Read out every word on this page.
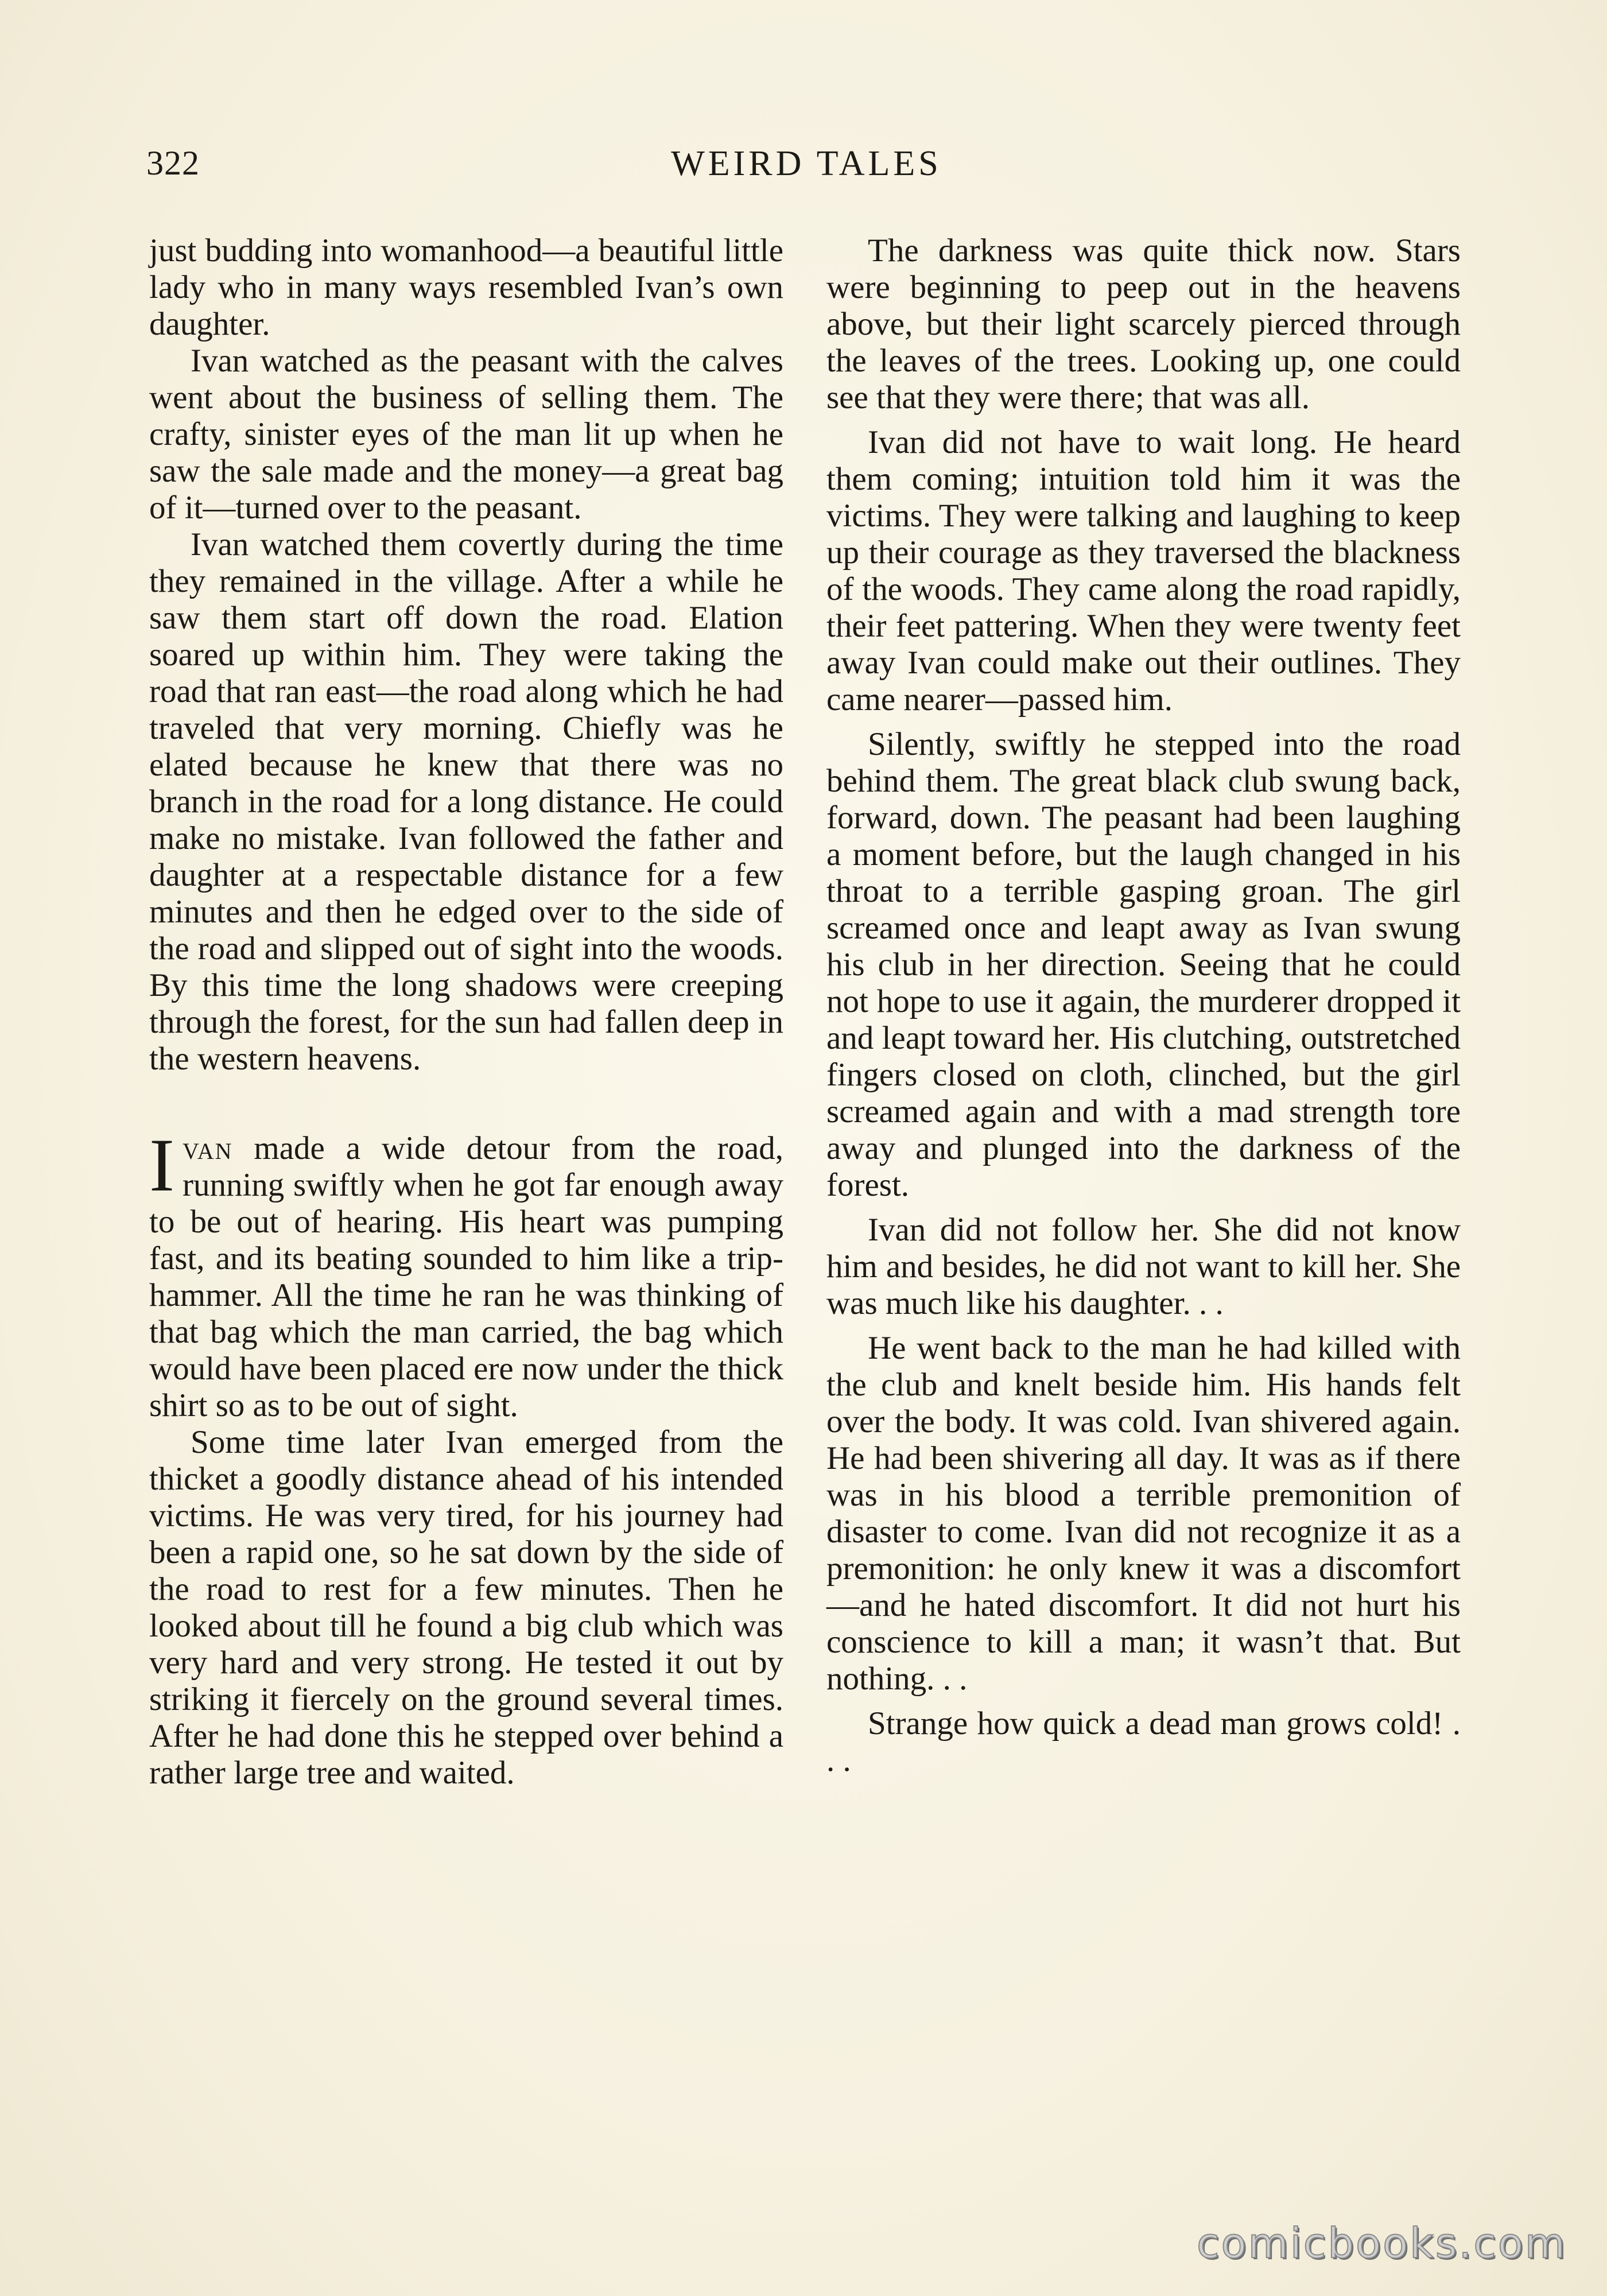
322	WEIRD TALES

just budding into womanhood—a beautiful little lady who in many ways resembled Ivan’s own daughter.

Ivan watched as the peasant with the calves went about the business of selling them. The crafty, sinister eyes of the man lit up when he saw the sale made and the money—a great bag of it—turned over to the peasant.

Ivan watched them covertly during the time they remained in the village. After a while he saw them start off down the road. Elation soared up within him. They were taking the road that ran east—the road along which he had traveled that very morning. Chiefly was he elated because he knew that there was no branch in the road for a long distance. He could make no mistake. Ivan followed the father and daughter at a respectable distance for a few minutes and then he edged over to the side of the road and slipped out of sight into the woods. By this time the long shadows were creeping through the forest, for the sun had fallen deep in the western heavens.

Ivan made a wide detour from the road, running swiftly when he got far enough away to be out of hearing. His heart was pumping fast, and its beating sounded to him like a triphammer. All the time he ran he was thinking of that bag which the man carried, the bag which would have been placed ere now under the thick shirt so as to be out of sight.

Some time later Ivan emerged from the thicket a goodly distance ahead of his intended victims. He was very tired, for his journey had been a rapid one, so he sat down by the side of the road to rest for a few minutes. Then he looked about till he found a big club which was very hard and very strong. He tested it out by striking it fiercely on the ground several times. After he had done this he stepped over behind a rather large tree and waited.

The darkness was quite thick now. Stars were beginning to peep out in the heavens above, but their light scarcely pierced through the leaves of the trees. Looking up, one could see that they were there; that was all.

Ivan did not have to wait long. He heard them coming; intuition told him it was the victims. They were talking and laughing to keep up their courage as they traversed the blackness of the woods. They came along the road rapidly, their feet pattering. When they were twenty feet away Ivan could make out their outlines. They came nearer—passed him.

Silently, swiftly he stepped into the road behind them. The great black club swung back, forward, down. The peasant had been laughing a moment before, but the laugh changed in his throat to a terrible gasping groan. The girl screamed once and leapt away as Ivan swung his club in her direction. Seeing that he could not hope to use it again, the murderer dropped it and leapt toward her. His clutching, outstretched fingers closed on cloth, clinched, but the girl screamed again and with a mad strength tore away and plunged into the darkness of the forest.

Ivan did not follow her. She did not know him and besides, he did not want to kill her. She was much like his daughter. . .

He went back to the man he had killed with the club and knelt beside him. His hands felt over the body. It was cold. Ivan shivered again. He had been shivering all day. It was as if there was in his blood a terrible premonition of disaster to come. Ivan did not recognize it as a premonition: he only knew it was a discomfort—and he hated discomfort. It did not hurt his conscience to kill a man; it wasn’t that. But nothing. . .

Strange how quick a dead man grows cold! . . .

comicbooks.com
